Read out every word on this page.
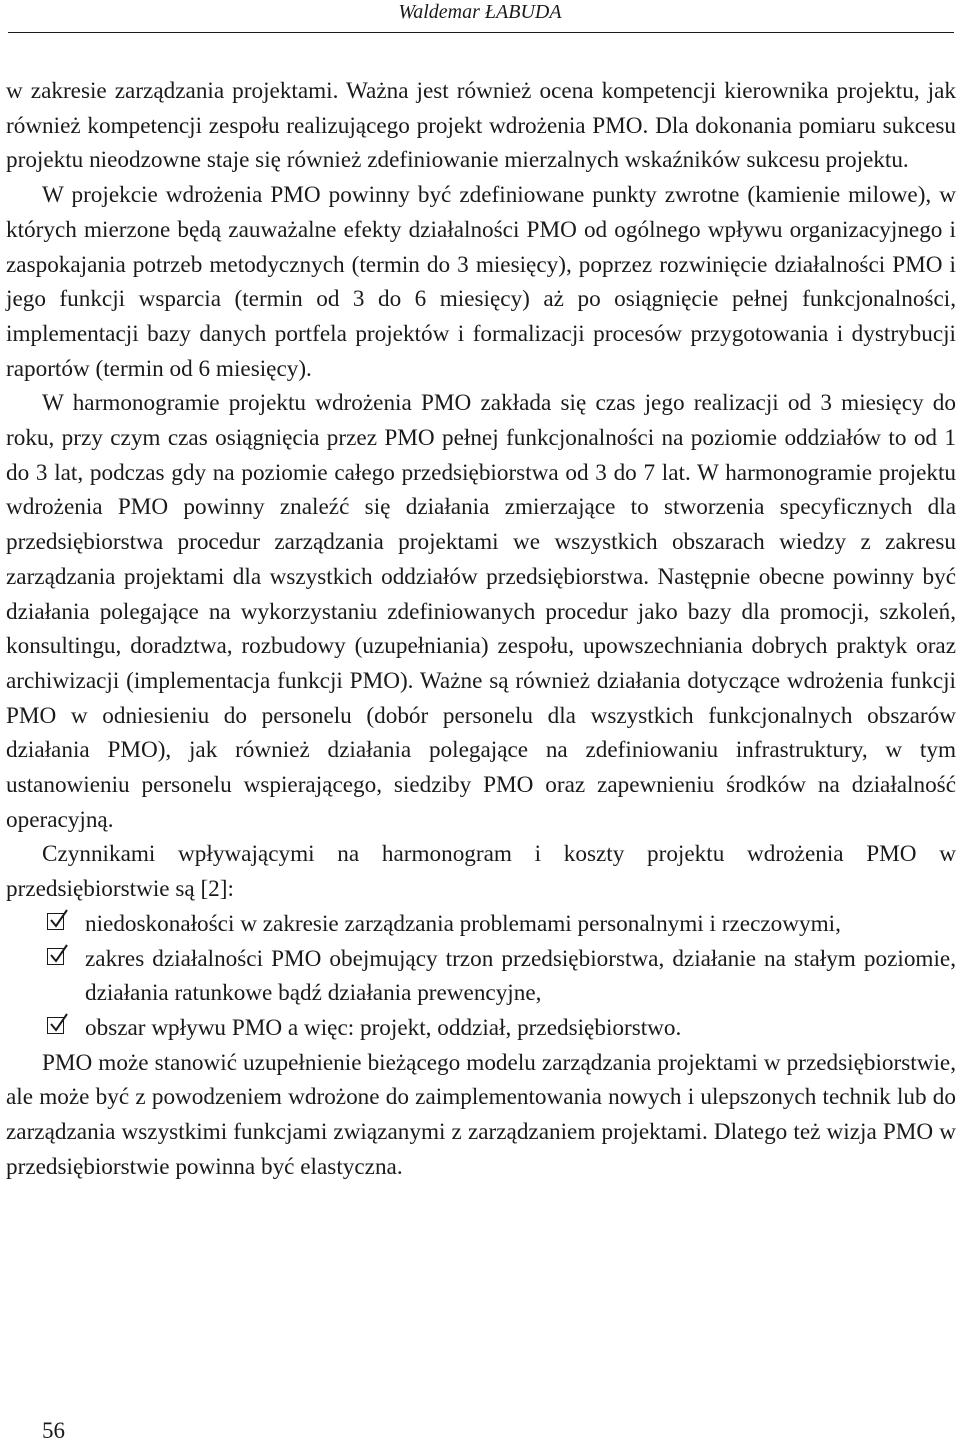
Waldemar ŁABUDA

w zakresie zarządzania projektami. Ważna jest również ocena kompetencji kierownika projektu, jak również kompetencji zespołu realizującego projekt wdrożenia PMO. Dla dokonania pomiaru sukcesu projektu nieodzowne staje się również zdefiniowanie mierzalnych wskaźników sukcesu projektu.

W projekcie wdrożenia PMO powinny być zdefiniowane punkty zwrotne (kamienie milowe), w których mierzone będą zauważalne efekty działalności PMO od ogólnego wpływu organizacyjnego i zaspokajania potrzeb metodycznych (termin do 3 miesięcy), poprzez rozwinięcie działalności PMO i jego funkcji wsparcia (termin od 3 do 6 miesięcy) aż po osiągnięcie pełnej funkcjonalności, implementacji bazy danych portfela projektów i formalizacji procesów przygotowania i dystrybucji raportów (termin od 6 miesięcy).

W harmonogramie projektu wdrożenia PMO zakłada się czas jego realizacji od 3 miesięcy do roku, przy czym czas osiągnięcia przez PMO pełnej funkcjonalności na poziomie oddziałów to od 1 do 3 lat, podczas gdy na poziomie całego przedsiębiorstwa od 3 do 7 lat. W harmonogramie projektu wdrożenia PMO powinny znaleźć się działania zmierzające to stworzenia specyficznych dla przedsiębiorstwa procedur zarządzania projektami we wszystkich obszarach wiedzy z zakresu zarządzania projektami dla wszystkich oddziałów przedsiębiorstwa. Następnie obecne powinny być działania polegające na wykorzystaniu zdefiniowanych procedur jako bazy dla promocji, szkoleń, konsultingu, doradztwa, rozbudowy (uzupełniania) zespołu, upowszechniania dobrych praktyk oraz archiwizacji (implementacja funkcji PMO). Ważne są również działania dotyczące wdrożenia funkcji PMO w odniesieniu do personelu (dobór personelu dla wszystkich funkcjonalnych obszarów działania PMO), jak również działania polegające na zdefiniowaniu infrastruktury, w tym ustanowieniu personelu wspierającego, siedziby PMO oraz zapewnieniu środków na działalność operacyjną.

Czynnikami wpływającymi na harmonogram i koszty projektu wdrożenia PMO w przedsiębiorstwie są [2]:

niedoskonałości w zakresie zarządzania problemami personalnymi i rzeczowymi,
zakres działalności PMO obejmujący trzon przedsiębiorstwa, działanie na stałym poziomie, działania ratunkowe bądź działania prewencyjne,
obszar wpływu PMO a więc: projekt, oddział, przedsiębiorstwo.

PMO może stanowić uzupełnienie bieżącego modelu zarządzania projektami w przedsiębiorstwie, ale może być z powodzeniem wdrożone do zaimplementowania nowych i ulepszonych technik lub do zarządzania wszystkimi funkcjami związanymi z zarządzaniem projektami. Dlatego też wizja PMO w przedsiębiorstwie powinna być elastyczna.

56
